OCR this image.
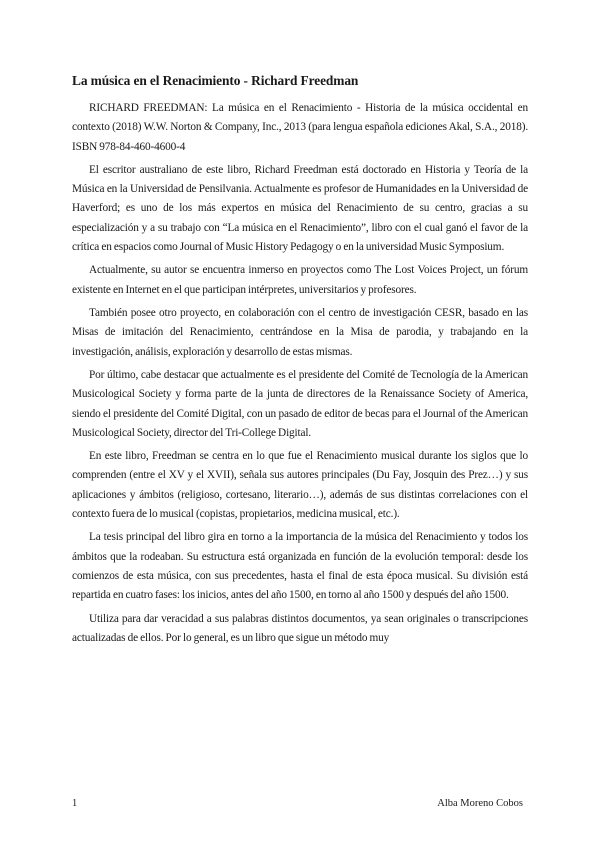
La música en el Renacimiento - Richard Freedman

RICHARD FREEDMAN: La música en el Renacimiento - Historia de la música occidental en contexto (2018) W.W. Norton & Company, Inc., 2013 (para lengua española ediciones Akal, S.A., 2018). ISBN 978-84-460-4600-4

El escritor australiano de este libro, Richard Freedman está doctorado en Historia y Teoría de la Música en la Universidad de Pensilvania. Actualmente es profesor de Humanidades en la Universidad de Haverford; es uno de los más expertos en música del Renacimiento de su centro, gracias a su especialización y a su trabajo con “La música en el Renacimiento”, libro con el cual ganó el favor de la crítica en espacios como Journal of Music History Pedagogy o en la universidad Music Symposium.

Actualmente, su autor se encuentra inmerso en proyectos como The Lost Voices Project, un fórum existente en Internet en el que participan intérpretes, universitarios y profesores.

También posee otro proyecto, en colaboración con el centro de investigación CESR, basado en las Misas de imitación del Renacimiento, centrándose en la Misa de parodia, y trabajando en la investigación, análisis, exploración y desarrollo de estas mismas.

Por último, cabe destacar que actualmente es el presidente del Comité de Tecnología de la American Musicological Society y forma parte de la junta de directores de la Renaissance Society of America, siendo el presidente del Comité Digital, con un pasado de editor de becas para el Journal of the American Musicological Society, director del Tri-College Digital.

En este libro, Freedman se centra en lo que fue el Renacimiento musical durante los siglos que lo comprenden (entre el XV y el XVII), señala sus autores principales (Du Fay, Josquin des Prez…) y sus aplicaciones y ámbitos (religioso, cortesano, literario…), además de sus distintas correlaciones con el contexto fuera de lo musical (copistas, propietarios, medicina musical, etc.).

La tesis principal del libro gira en torno a la importancia de la música del Renacimiento y todos los ámbitos que la rodeaban. Su estructura está organizada en función de la evolución temporal: desde los comienzos de esta música, con sus precedentes, hasta el final de esta época musical. Su división está repartida en cuatro fases: los inicios, antes del año 1500, en torno al año 1500 y después del año 1500.

Utiliza para dar veracidad a sus palabras distintos documentos, ya sean originales o transcripciones actualizadas de ellos. Por lo general, es un libro que sigue un método muy

1	Alba Moreno Cobos
